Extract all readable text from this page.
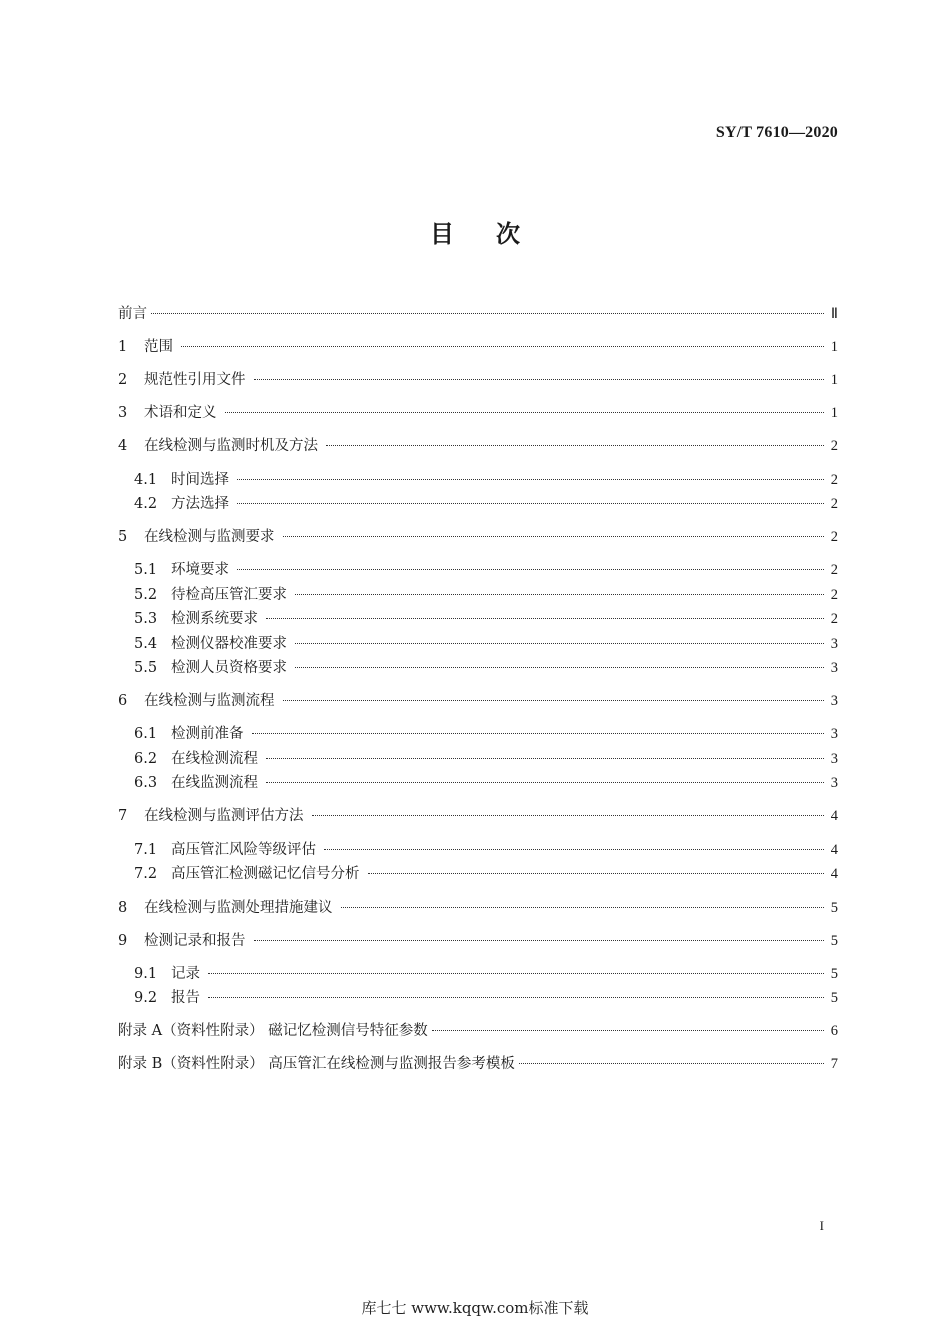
SY/T 7610—2020
目次
前言	Ⅱ
1	范围	1
2	规范性引用文件	1
3	术语和定义	1
4	在线检测与监测时机及方法	2
4.1 时间选择	2
4.2 方法选择	2
5	在线检测与监测要求	2
5.1 环境要求	2
5.2 待检高压管汇要求	2
5.3 检测系统要求	2
5.4 检测仪器校准要求	3
5.5 检测人员资格要求	3
6	在线检测与监测流程	3
6.1 检测前准备	3
6.2 在线检测流程	3
6.3 在线监测流程	3
7	在线检测与监测评估方法	4
7.1 高压管汇风险等级评估	4
7.2 高压管汇检测磁记忆信号分析	4
8	在线检测与监测处理措施建议	5
9	检测记录和报告	5
9.1 记录	5
9.2 报告	5
附录 A（资料性附录） 磁记忆检测信号特征参数	6
附录 B（资料性附录） 高压管汇在线检测与监测报告参考模板	7
I
库七七 www.kqqw.com标准下载
